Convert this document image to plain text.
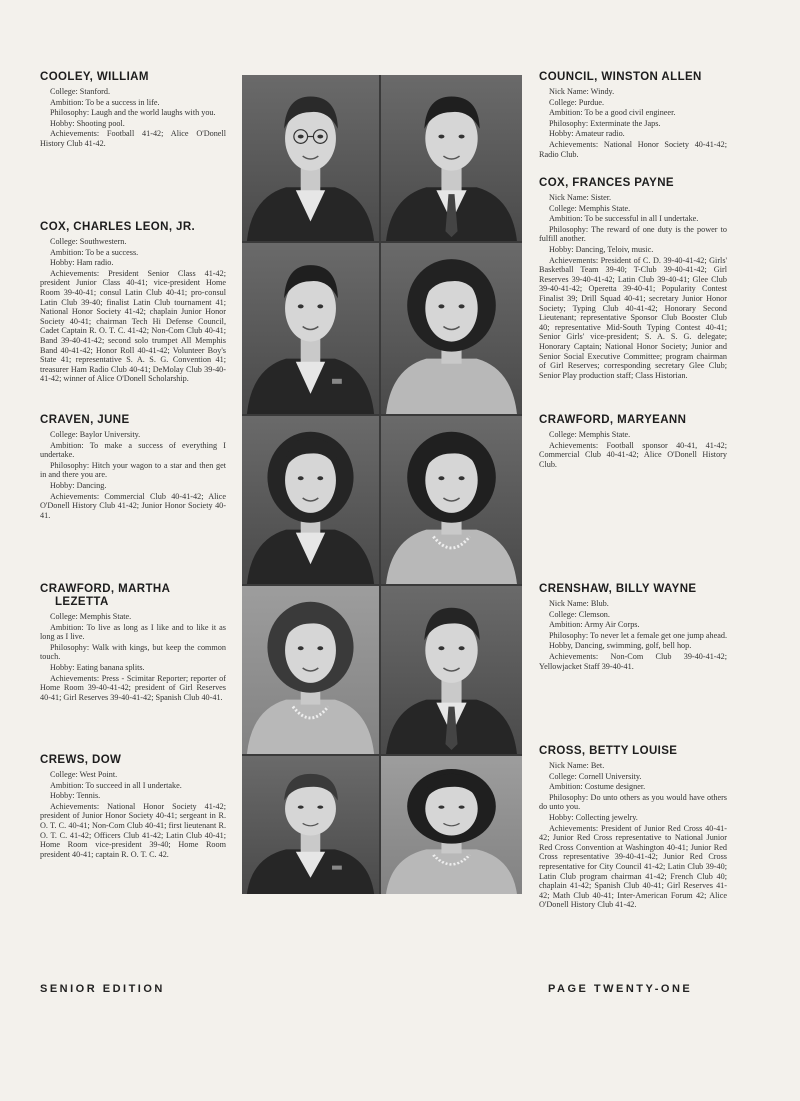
COOLEY, WILLIAM
College: Stanford.
Ambition: To be a success in life.
Philosophy: Laugh and the world laughs with you.
Hobby: Shooting pool.
Achievements: Football 41-42; Alice O'Donell History Club 41-42.
COUNCIL, WINSTON ALLEN
Nick Name: Windy.
College: Purdue.
Ambition: To be a good civil engineer.
Philosophy: Exterminate the Japs.
Hobby: Amateur radio.
Achievements: National Honor Society 40-41-42; Radio Club.
COX, FRANCES PAYNE
Nick Name: Sister.
College: Memphis State.
Ambition: To be successful in all I undertake.
Philosophy: The reward of one duty is the power to fulfill another.
Hobby: Dancing, Teloiv, music.
Achievements: President of C. D. 39-40-41-42; Girls' Basketball Team 39-40; T-Club 39-40-41-42; Girl Reserves 39-40-41-42; Latin Club 39-40-41; Glee Club 39-40-41-42; Operetta 39-40-41; Popularity Contest Finalist 39; Drill Squad 40-41; secretary Junior Honor Society; Typing Club 40-41-42; Honorary Second Lieutenant; representative Sponsor Club Booster Club 40; representative Mid-South Typing Contest 40-41; Senior Girls' vice-president; S. A. S. G. delegate; Honorary Captain; National Honor Society; Junior and Senior Social Executive Committee; program chairman of Girl Reserves; corresponding secretary Glee Club; Senior Play production staff; Class Historian.
COX, CHARLES LEON, JR.
College: Southwestern.
Ambition: To be a success.
Hobby: Ham radio.
Achievements: President Senior Class 41-42; president Junior Class 40-41; vice-president Home Room 39-40-41; consul Latin Club 40-41; pro-consul Latin Club 39-40; finalist Latin Club tournament 41; National Honor Society 41-42; chaplain Junior Honor Society 40-41; chairman Tech Hi Defense Council, Cadet Captain R. O. T. C. 41-42; Non-Com Club 40-41; Band 39-40-41-42; second solo trumpet All Memphis Band 40-41-42; Honor Roll 40-41-42; Volunteer Boy's State 41; representative S. A. S. G. Convention 41; treasurer Ham Radio Club 40-41; DeMolay Club 39-40-41-42; winner of Alice O'Donell Scholarship.
CRAVEN, JUNE
College: Baylor University.
Ambition: To make a success of everything I undertake.
Philosophy: Hitch your wagon to a star and then get in and there you are.
Hobby: Dancing.
Achievements: Commercial Club 40-41-42; Alice O'Donell History Club 41-42; Junior Honor Society 40-41.
CRAWFORD, MARYEANN
College: Memphis State.
Achievements: Football sponsor 40-41, 41-42; Commercial Club 40-41-42; Alice O'Donell History Club.
CRAWFORD, MARTHA
LEZETTA
College: Memphis State.
Ambition: To live as long as I like and to like it as long as I live.
Philosophy: Walk with kings, but keep the common touch.
Hobby: Eating banana splits.
Achievements: Press - Scimitar Reporter; reporter of Home Room 39-40-41-42; president of Girl Reserves 40-41; Girl Reserves 39-40-41-42; Spanish Club 40-41.
CRENSHAW, BILLY WAYNE
Nick Name: Blub.
College: Clemson.
Ambition: Army Air Corps.
Philosophy: To never let a female get one jump ahead.
Hobby, Dancing, swimming, golf, bell hop.
Achievements: Non-Com Club 39-40-41-42; Yellowjacket Staff 39-40-41.
CREWS, DOW
College: West Point.
Ambition: To succeed in all I undertake.
Hobby: Tennis.
Achievements: National Honor Society 41-42; president of Junior Honor Society 40-41; sergeant in R. O. T. C. 40-41; Non-Com Club 40-41; first lieutenant R. O. T. C. 41-42; Officers Club 41-42; Latin Club 40-41; Home Room vice-president 39-40; Home Room president 40-41; captain R. O. T. C. 42.
CROSS, BETTY LOUISE
Nick Name: Bet.
College: Cornell University.
Ambition: Costume designer.
Philosophy: Do unto others as you would have others do unto you.
Hobby: Collecting jewelry.
Achievements: President of Junior Red Cross 40-41-42; Junior Red Cross representative to National Junior Red Cross Convention at Washington 40-41; Junior Red Cross representative 39-40-41-42; Junior Red Cross representative for City Council 41-42; Latin Club 39-40; Latin Club program chairman 41-42; French Club 40; chaplain 41-42; Spanish Club 40-41; Girl Reserves 41-42; Math Club 40-41; Inter-American Forum 42; Alice O'Donell History Club 41-42.
SENIOR EDITION	PAGE TWENTY-ONE
